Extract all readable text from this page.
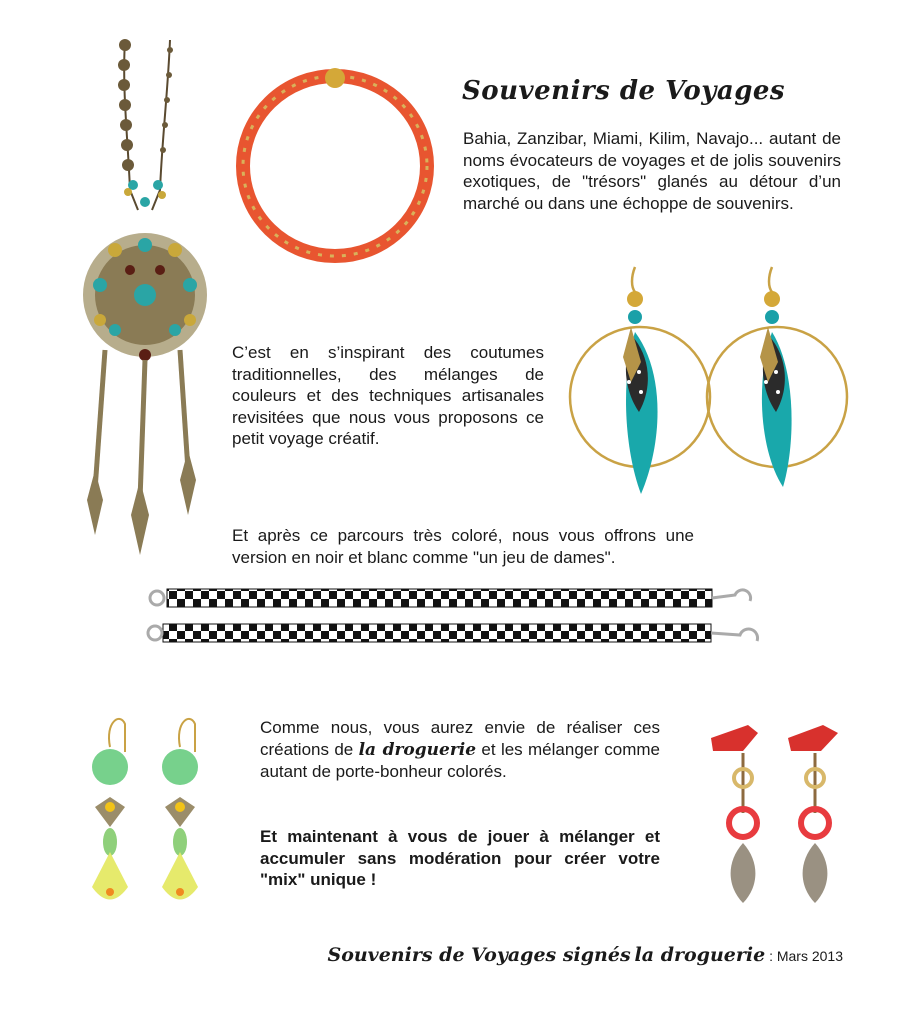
Souvenirs de Voyages
Bahia, Zanzibar, Miami, Kilim, Navajo... autant de noms évocateurs de voyages et de jolis souvenirs exotiques, de "trésors" glanés au détour d’un marché ou dans une échoppe de souvenirs.
C’est en s’inspirant des coutumes traditionnelles, des mélanges de couleurs et des techniques artisanales revisitées que nous vous proposons ce petit voyage créatif.
Et après ce parcours très coloré, nous vous offrons une version en noir et blanc comme "un jeu de dames".
Comme nous, vous aurez envie de réaliser ces créations de la droguerie et les mélanger comme autant de porte-bonheur colorés.
Et maintenant à vous de jouer à mélanger et accumuler sans modération pour créer votre "mix" unique !
Souvenirs de Voyages signés la droguerie : Mars 2013
